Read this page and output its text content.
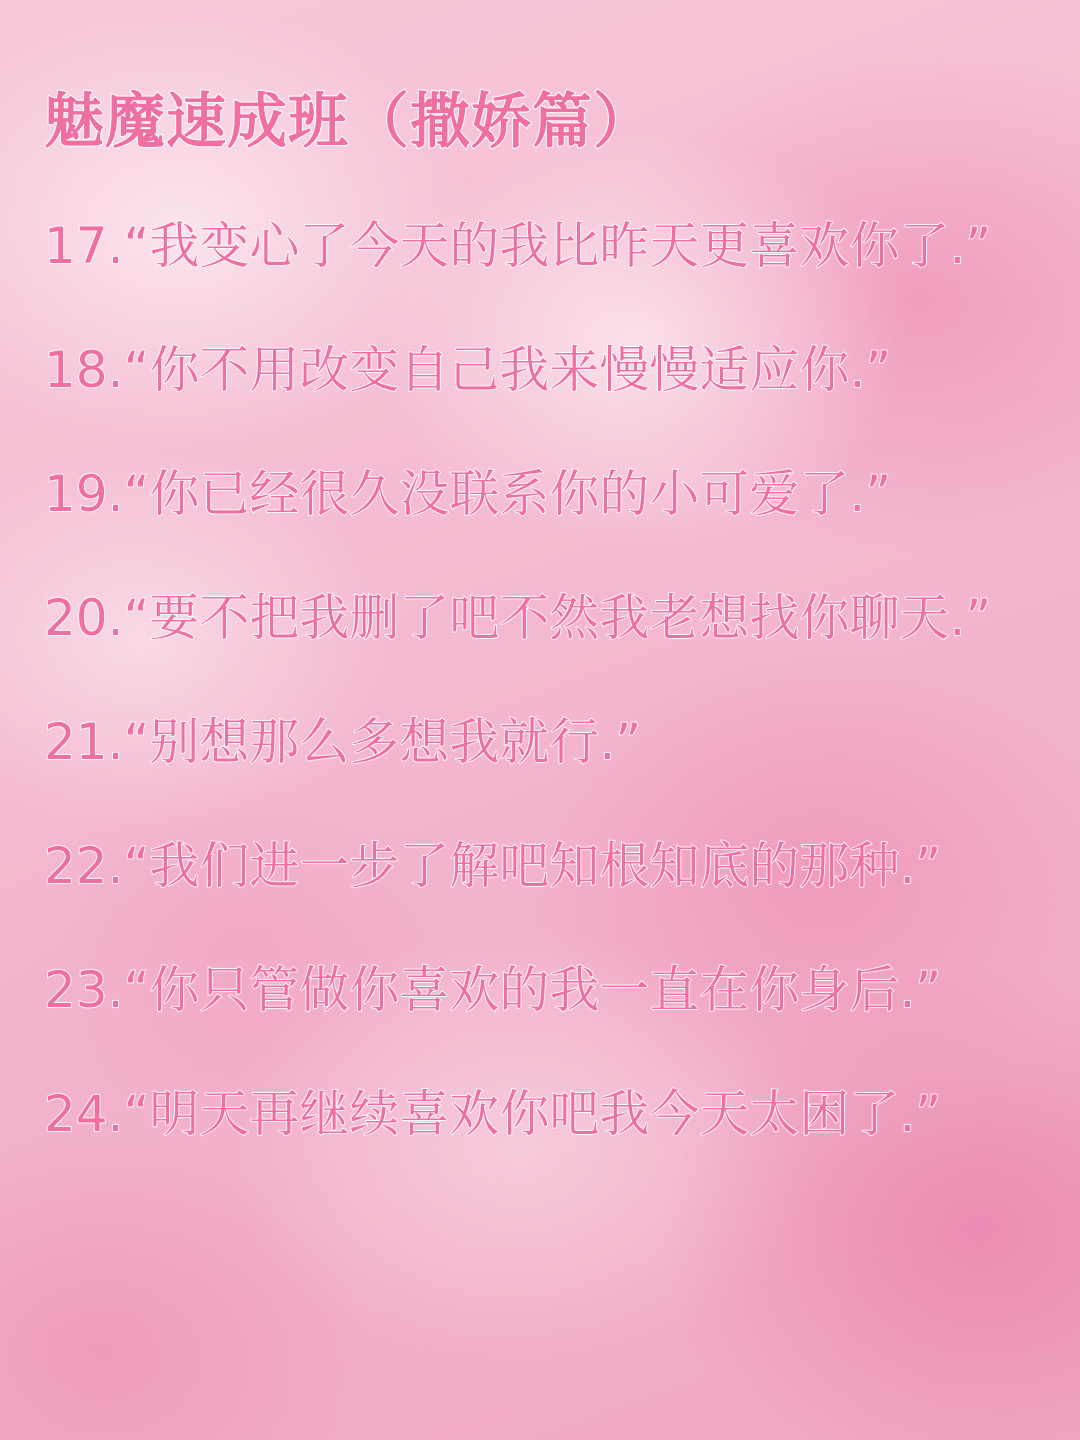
魅魔速成班（撒娇篇）
17.“我变心了今天的我比昨天更喜欢你了.”
18.“你不用改变自己我来慢慢适应你.”
19.“你已经很久没联系你的小可爱了.”
20.“要不把我删了吧不然我老想找你聊天.”
21.“别想那么多想我就行.”
22.“我们进一步了解吧知根知底的那种.”
23.“你只管做你喜欢的我一直在你身后.”
24.“明天再继续喜欢你吧我今天太困了.”
